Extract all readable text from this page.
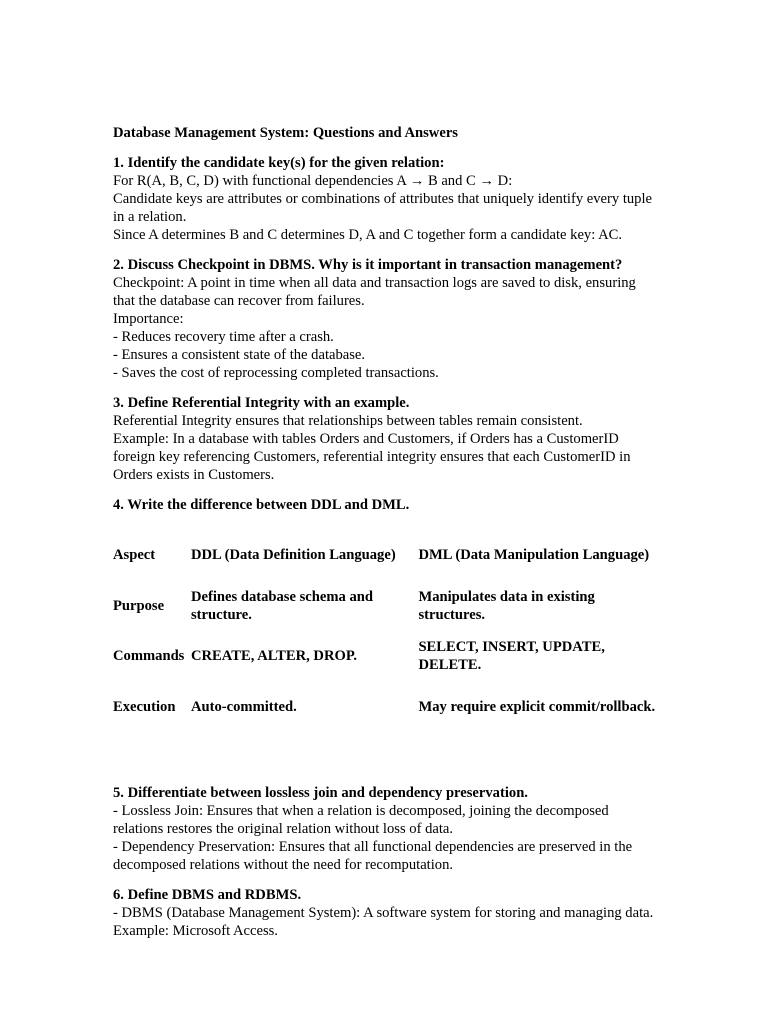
Database Management System: Questions and Answers
1. Identify the candidate key(s) for the given relation:
For R(A, B, C, D) with functional dependencies A → B and C → D:
Candidate keys are attributes or combinations of attributes that uniquely identify every tuple in a relation.
Since A determines B and C determines D, A and C together form a candidate key: AC.
2. Discuss Checkpoint in DBMS. Why is it important in transaction management?
Checkpoint: A point in time when all data and transaction logs are saved to disk, ensuring that the database can recover from failures.
Importance:
- Reduces recovery time after a crash.
- Ensures a consistent state of the database.
- Saves the cost of reprocessing completed transactions.
3. Define Referential Integrity with an example.
Referential Integrity ensures that relationships between tables remain consistent.
Example: In a database with tables Orders and Customers, if Orders has a CustomerID foreign key referencing Customers, referential integrity ensures that each CustomerID in Orders exists in Customers.
4. Write the difference between DDL and DML.
Aspect	DDL (Data Definition Language)	DML (Data Manipulation Language)
Purpose	Defines database schema and structure.	Manipulates data in existing structures.
Commands	CREATE, ALTER, DROP.	SELECT, INSERT, UPDATE, DELETE.
Execution	Auto-committed.	May require explicit commit/rollback.
5. Differentiate between lossless join and dependency preservation.
- Lossless Join: Ensures that when a relation is decomposed, joining the decomposed relations restores the original relation without loss of data.
- Dependency Preservation: Ensures that all functional dependencies are preserved in the decomposed relations without the need for recomputation.
6. Define DBMS and RDBMS.
- DBMS (Database Management System): A software system for storing and managing data. Example: Microsoft Access.
